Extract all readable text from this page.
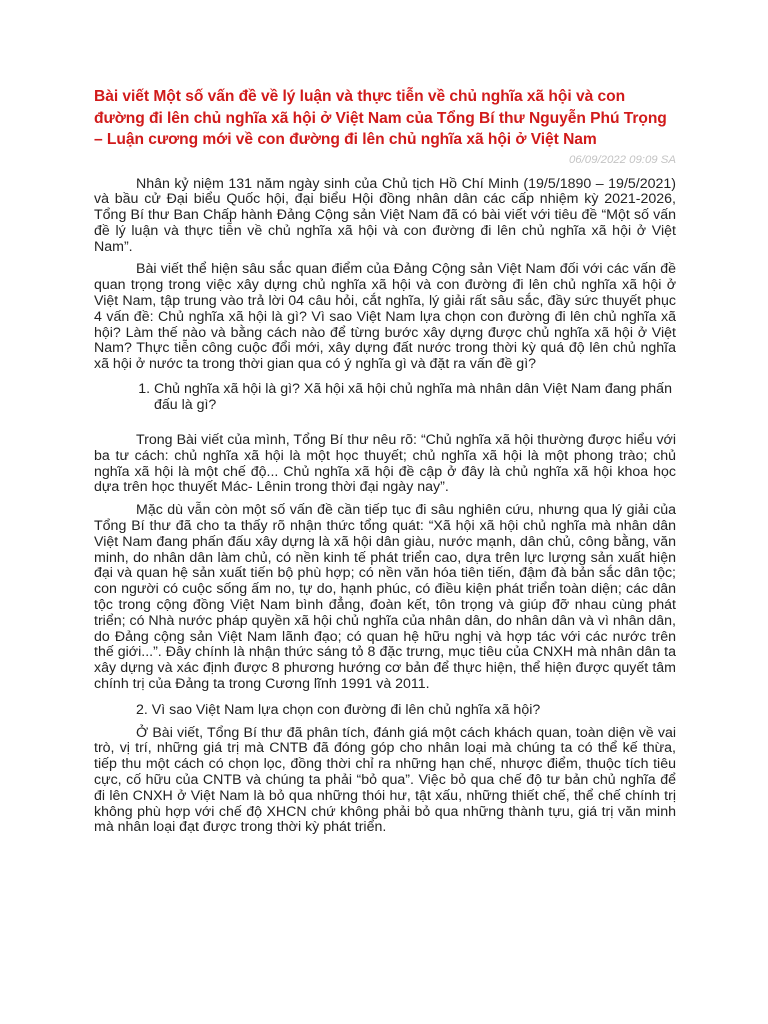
Bài viết Một số vấn đề về lý luận và thực tiễn về chủ nghĩa xã hội và con đường đi lên chủ nghĩa xã hội ở Việt Nam của Tổng Bí thư Nguyễn Phú Trọng – Luận cương mới về con đường đi lên chủ nghĩa xã hội ở Việt Nam
06/09/2022 09:09 SA

Nhân kỷ niệm 131 năm ngày sinh của Chủ tịch Hồ Chí Minh (19/5/1890 – 19/5/2021) và bầu cử Đại biểu Quốc hội, đại biểu Hội đồng nhân dân các cấp nhiệm kỳ 2021-2026, Tổng Bí thư Ban Chấp hành Đảng Cộng sản Việt Nam đã có bài viết với tiêu đề “Một số vấn đề lý luận và thực tiễn về chủ nghĩa xã hội và con đường đi lên chủ nghĩa xã hội ở Việt Nam”.

Bài viết thể hiện sâu sắc quan điểm của Đảng Cộng sản Việt Nam đối với các vấn đề quan trọng trong việc xây dựng chủ nghĩa xã hội và con đường đi lên chủ nghĩa xã hội ở Việt Nam, tập trung vào trả lời 04 câu hỏi, cắt nghĩa, lý giải rất sâu sắc, đầy sức thuyết phục 4 vấn đề: Chủ nghĩa xã hội là gì? Vì sao Việt Nam lựa chọn con đường đi lên chủ nghĩa xã hội? Làm thế nào và bằng cách nào để từng bước xây dựng được chủ nghĩa xã hội ở Việt Nam? Thực tiễn công cuộc đổi mới, xây dựng đất nước trong thời kỳ quá độ lên chủ nghĩa xã hội ở nước ta trong thời gian qua có ý nghĩa gì và đặt ra vấn đề gì?

1. Chủ nghĩa xã hội là gì? Xã hội xã hội chủ nghĩa mà nhân dân Việt Nam đang phấn đấu là gì?

Trong Bài viết của mình, Tổng Bí thư nêu rõ: “Chủ nghĩa xã hội thường được hiểu với ba tư cách: chủ nghĩa xã hội là một học thuyết; chủ nghĩa xã hội là một phong trào; chủ nghĩa xã hội là một chế độ... Chủ nghĩa xã hội đề cập ở đây là chủ nghĩa xã hội khoa học dựa trên học thuyết Mác- Lênin trong thời đại ngày nay”.

Mặc dù vẫn còn một số vấn đề cần tiếp tục đi sâu nghiên cứu, nhưng qua lý giải của Tổng Bí thư đã cho ta thấy rõ nhận thức tổng quát: “Xã hội xã hội chủ nghĩa mà nhân dân Việt Nam đang phấn đấu xây dựng là xã hội dân giàu, nước mạnh, dân chủ, công bằng, văn minh, do nhân dân làm chủ, có nền kinh tế phát triển cao, dựa trên lực lượng sản xuất hiện đại và quan hệ sản xuất tiến bộ phù hợp; có nền văn hóa tiên tiến, đậm đà bản sắc dân tộc; con người có cuộc sống ấm no, tự do, hạnh phúc, có điều kiện phát triển toàn diện; các dân tộc trong cộng đồng Việt Nam bình đẳng, đoàn kết, tôn trọng và giúp đỡ nhau cùng phát triển; có Nhà nước pháp quyền xã hội chủ nghĩa của nhân dân, do nhân dân và vì nhân dân, do Đảng cộng sản Việt Nam lãnh đạo; có quan hệ hữu nghị và hợp tác với các nước trên thế giới...”. Đây chính là nhận thức sáng tỏ 8 đặc trưng, mục tiêu của CNXH mà nhân dân ta xây dựng và xác định được 8 phương hướng cơ bản để thực hiện, thể hiện được quyết tâm chính trị của Đảng ta trong Cương lĩnh 1991 và 2011.

2. Vì sao Việt Nam lựa chọn con đường đi lên chủ nghĩa xã hội?

Ở Bài viết, Tổng Bí thư đã phân tích, đánh giá một cách khách quan, toàn diện về vai trò, vị trí, những giá trị mà CNTB đã đóng góp cho nhân loại mà chúng ta có thể kế thừa, tiếp thu một cách có chọn lọc, đồng thời chỉ ra những hạn chế, nhược điểm, thuộc tích tiêu cực, cố hữu của CNTB và chúng ta phải “bỏ qua”. Việc bỏ qua chế độ tư bản chủ nghĩa để đi lên CNXH ở Việt Nam là bỏ qua những thói hư, tật xấu, những thiết chế, thể chế chính trị không phù hợp với chế độ XHCN chứ không phải bỏ qua những thành tựu, giá trị văn minh mà nhân loại đạt được trong thời kỳ phát triển.
